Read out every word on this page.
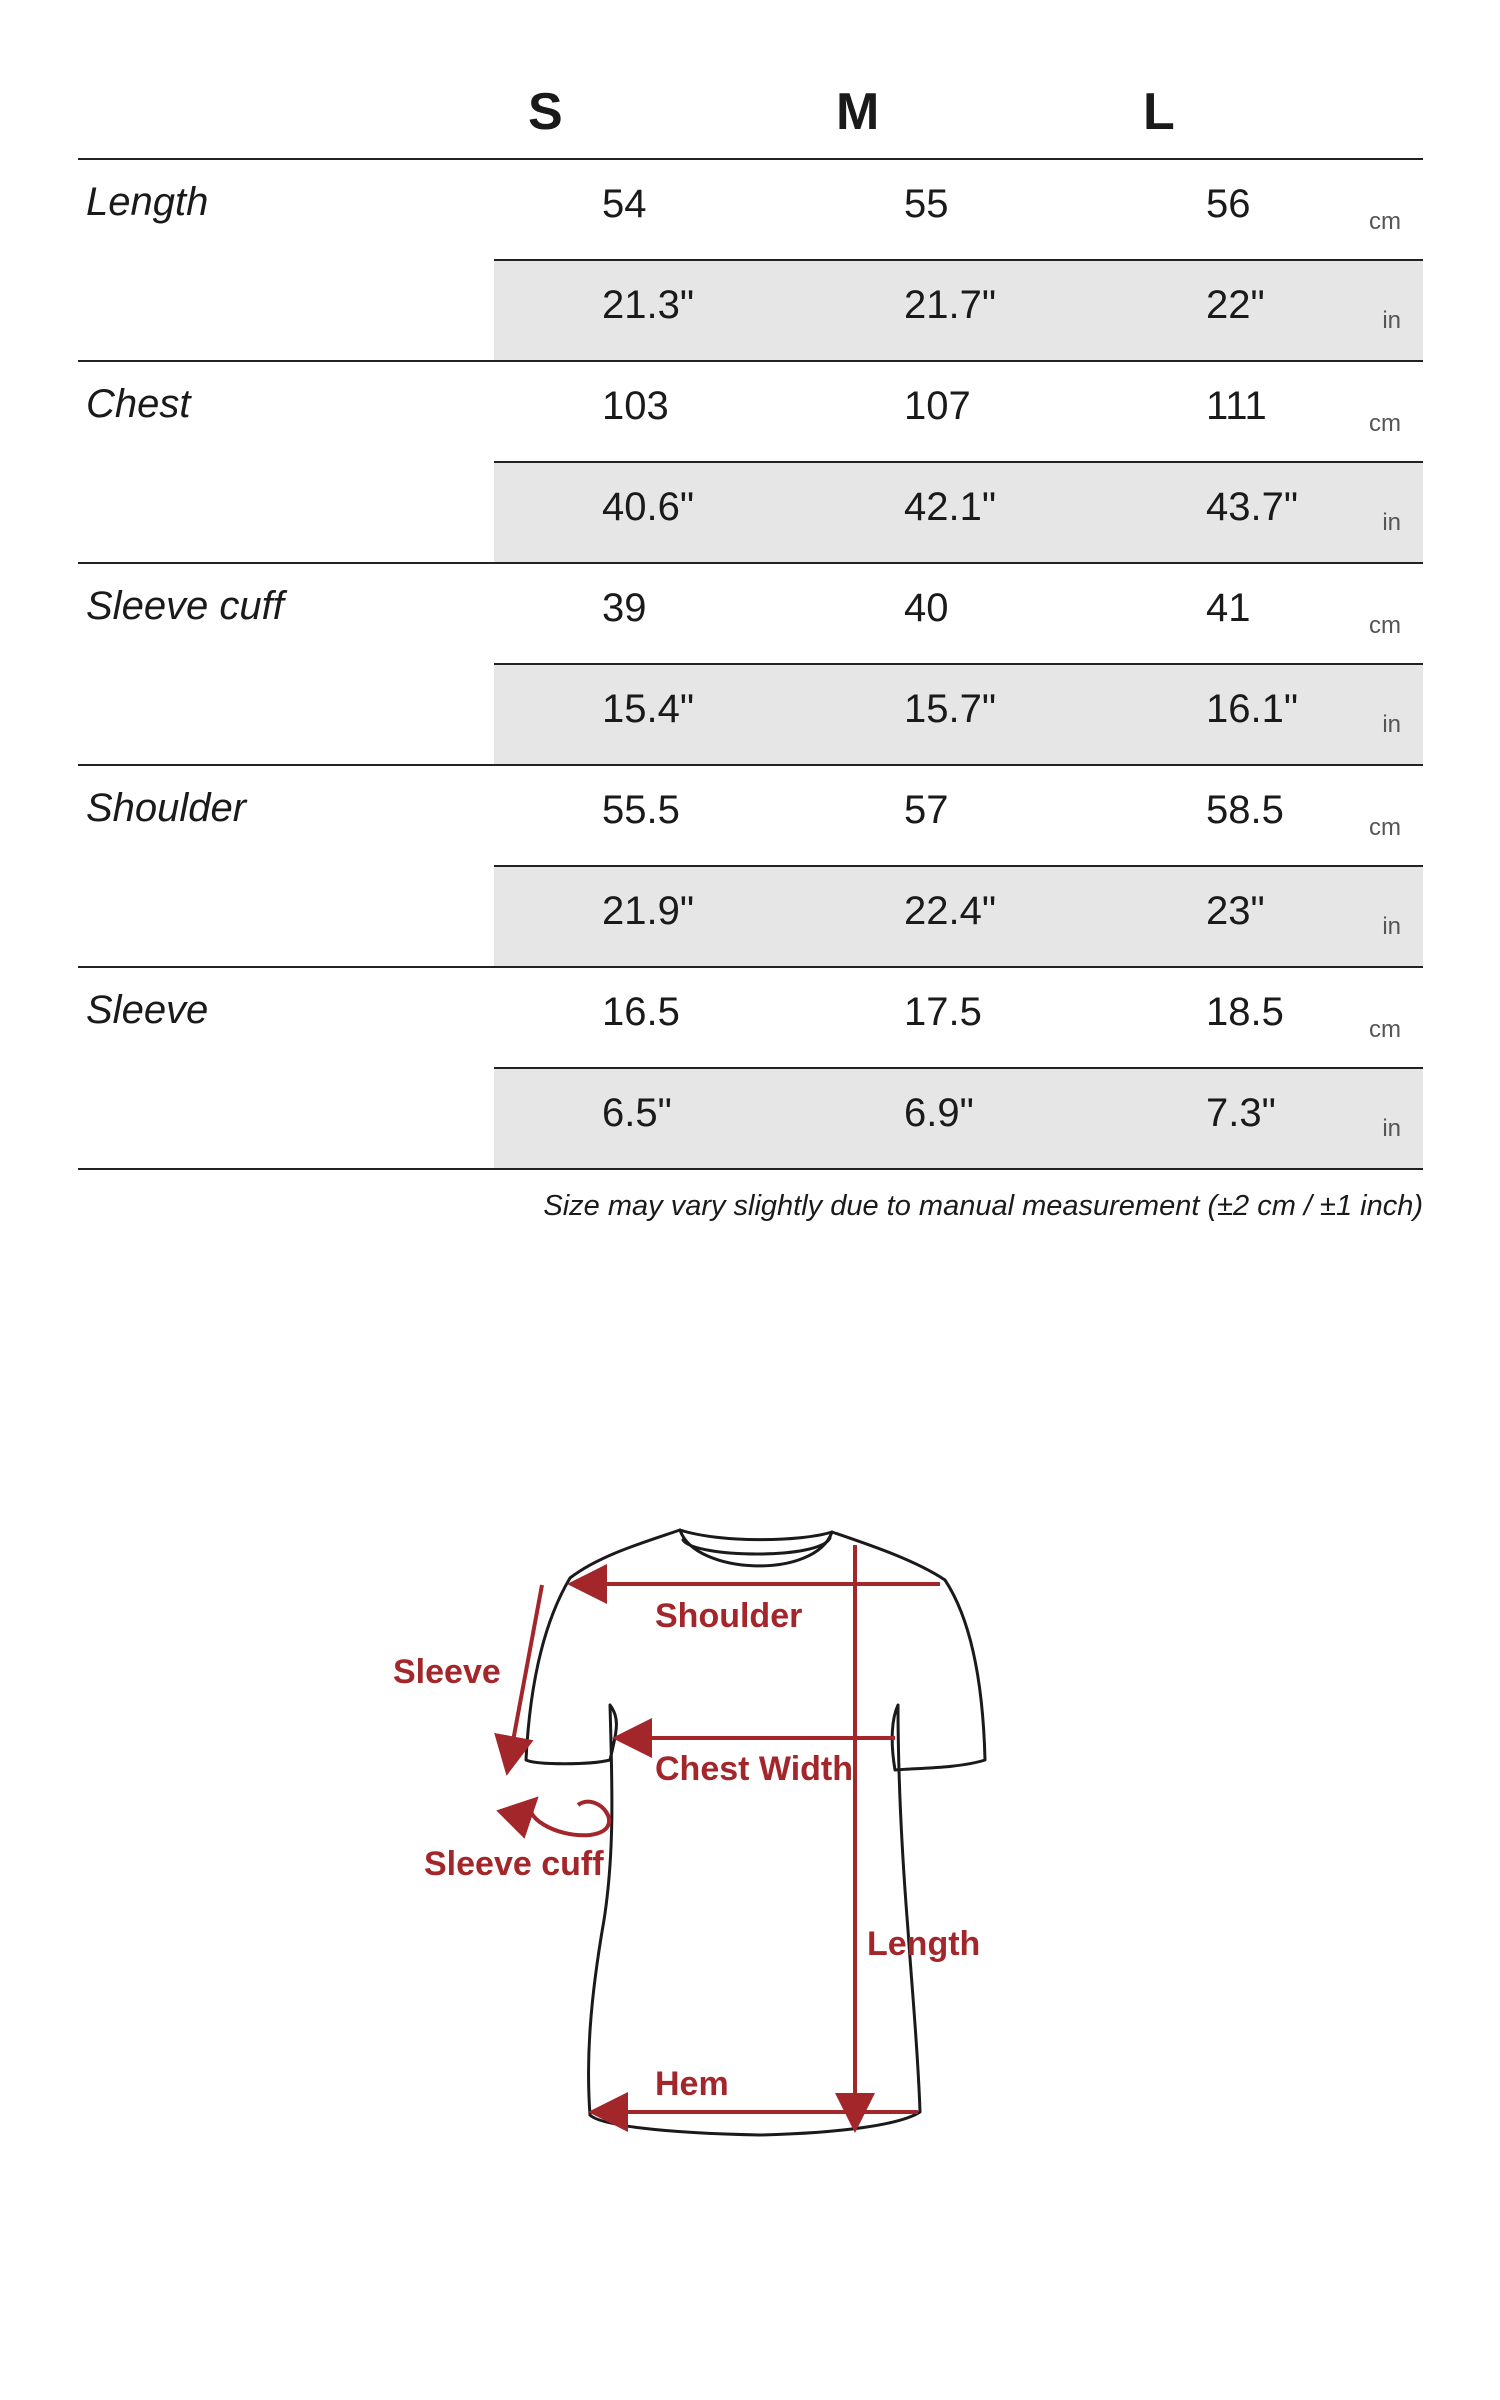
S	M	L
Length	54	55	56	cm
21.3"	21.7"	22"	in
Chest	103	107	111	cm
40.6"	42.1"	43.7"	in
Sleeve cuff	39	40	41	cm
15.4"	15.7"	16.1"	in
Shoulder	55.5	57	58.5	cm
21.9"	22.4"	23"	in
Sleeve	16.5	17.5	18.5	cm
6.5"	6.9"	7.3"	in
Size may vary slightly due to manual measurement (±2 cm / ±1 inch)
Shoulder
Sleeve
Chest Width
Sleeve cuff
Length
Hem
